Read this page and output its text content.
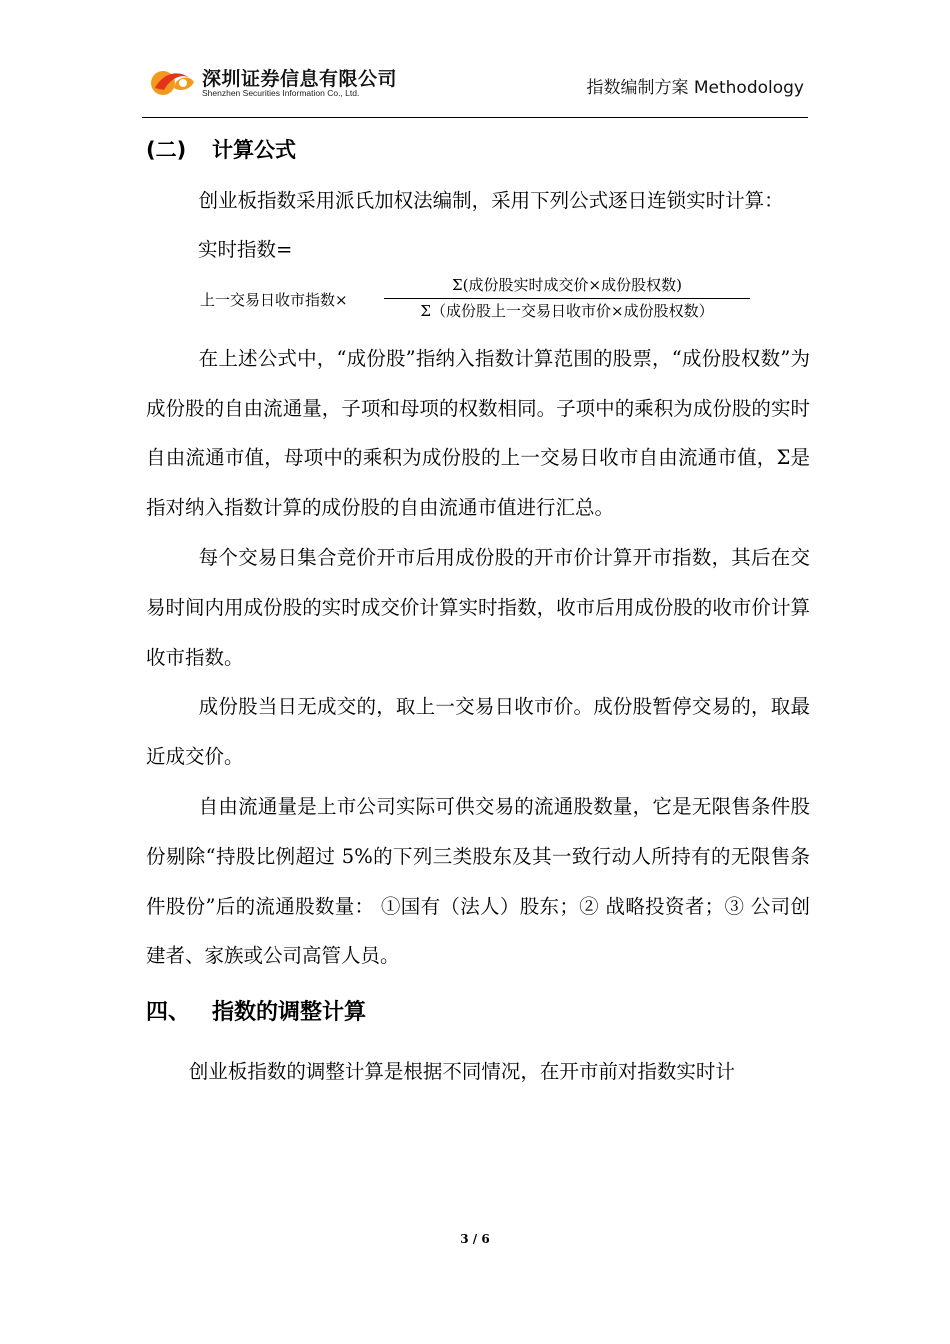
深圳证券信息有限公司
Shenzhen Securities Information Co., Ltd.	指数编制方案 Methodology
(二) 计算公式

创业板指数采用派氏加权法编制，采用下列公式逐日连锁实时计算：

实时指数=
上一交易日收市指数×
Σ(成份股实时成交价×成份股权数)
Σ（成份股上一交易日收市价×成份股权数）

在上述公式中，“成份股”指纳入指数计算范围的股票，“成份股权数”为成份股的自由流通量，子项和母项的权数相同。子项中的乘积为成份股的实时自由流通市值，母项中的乘积为成份股的上一交易日收市自由流通市值，Σ是指对纳入指数计算的成份股的自由流通市值进行汇总。

每个交易日集合竞价开市后用成份股的开市价计算开市指数，其后在交易时间内用成份股的实时成交价计算实时指数，收市后用成份股的收市价计算收市指数。

成份股当日无成交的，取上一交易日收市价。成份股暂停交易的，取最近成交价。

自由流通量是上市公司实际可供交易的流通股数量，它是无限售条件股份剔除“持股比例超过 5%的下列三类股东及其一致行动人所持有的无限售条件股份”后的流通股数量： ①国有（法人）股东；② 战略投资者；③ 公司创建者、家族或公司高管人员。

四、 指数的调整计算

创业板指数的调整计算是根据不同情况，在开市前对指数实时计

3 / 6
